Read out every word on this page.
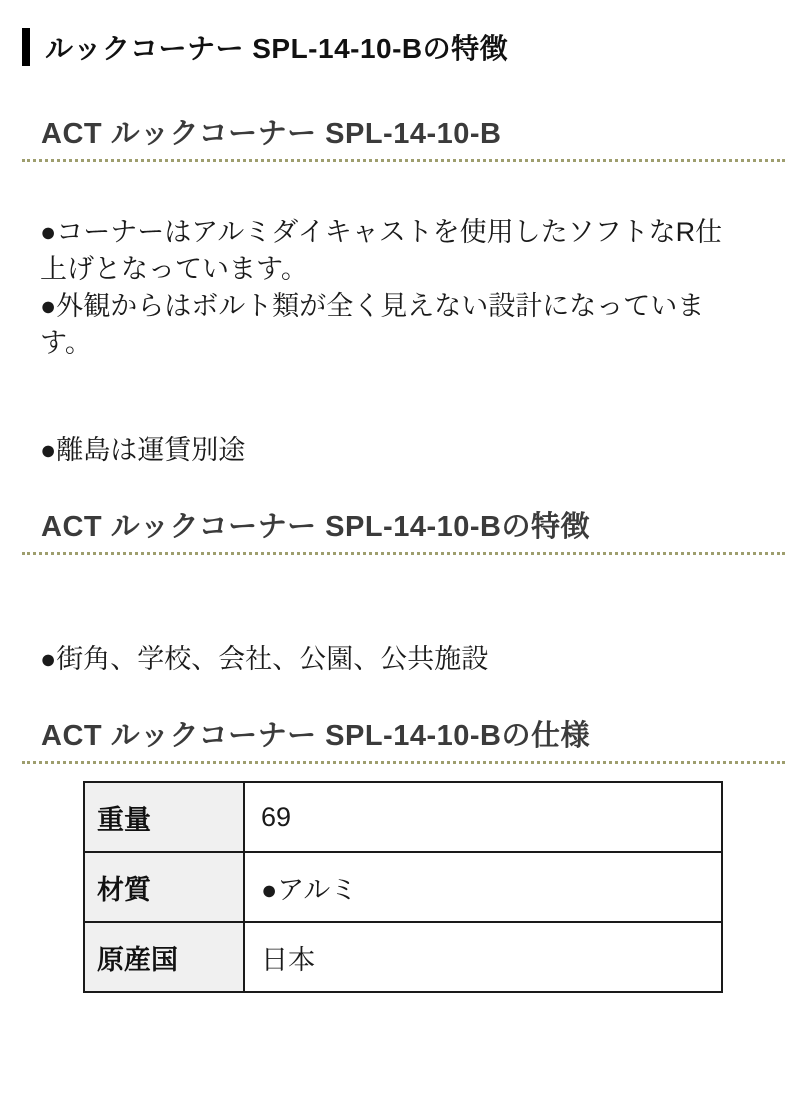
ルックコーナー SPL-14-10-Bの特徴
ACT ルックコーナー SPL-14-10-B

●コーナーはアルミダイキャストを使用したソフトなR仕上げとなっています。

●外観からはボルト類が全く見えない設計になっています。

●離島は運賃別途

ACT ルックコーナー SPL-14-10-Bの特徴

●街角、学校、会社、公園、公共施設

ACT ルックコーナー SPL-14-10-Bの仕様
重量	69
材質	●アルミ
原産国	日本
